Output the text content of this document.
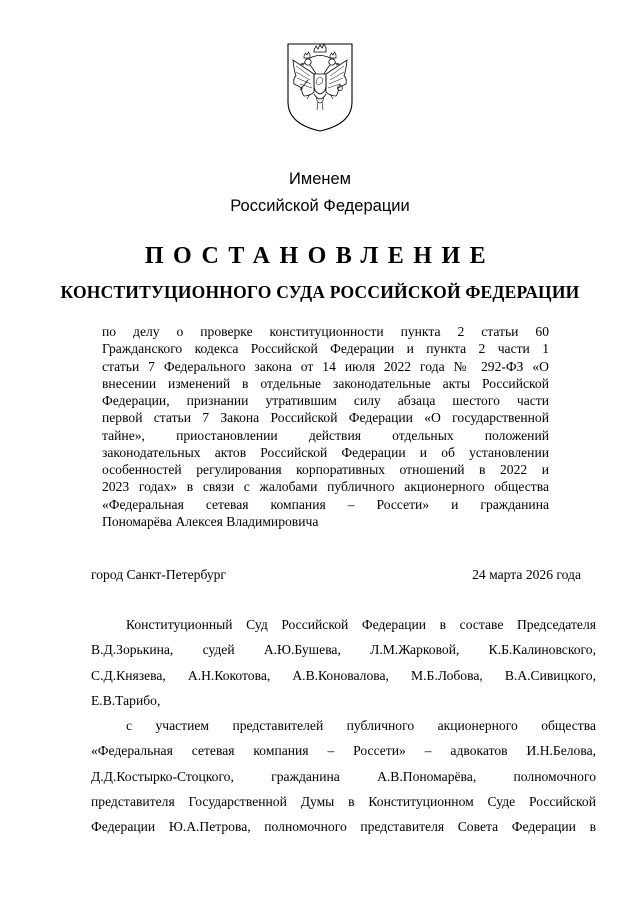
Именем
Российской Федерации
ПОСТАНОВЛЕНИЕ
КОНСТИТУЦИОННОГО СУДА РОССИЙСКОЙ ФЕДЕРАЦИИ
по делу о проверке конституционности пункта 2 статьи 60
Гражданского кодекса Российской Федерации и пункта 2 части 1
статьи 7 Федерального закона от 14 июля 2022 года № 292-ФЗ «О
внесении изменений в отдельные законодательные акты Российской
Федерации, признании утратившим силу абзаца шестого части
первой статьи 7 Закона Российской Федерации «О государственной
тайне», приостановлении действия отдельных положений
законодательных актов Российской Федерации и об установлении
особенностей регулирования корпоративных отношений в 2022 и
2023 годах» в связи с жалобами публичного акционерного общества
«Федеральная сетевая компания – Россети» и гражданина
Пономарёва Алексея Владимировича
город Санкт-Петербург	24 марта 2026 года
Конституционный Суд Российской Федерации в составе Председателя
В.Д.Зорькина, судей А.Ю.Бушева, Л.М.Жарковой, К.Б.Калиновского,
С.Д.Князева, А.Н.Кокотова, А.В.Коновалова, М.Б.Лобова, В.А.Сивицкого,
Е.В.Тарибо,
с участием представителей публичного акционерного общества
«Федеральная сетевая компания – Россети» – адвокатов И.Н.Белова,
Д.Д.Костырко-Стоцкого, гражданина А.В.Пономарёва, полномочного
представителя Государственной Думы в Конституционном Суде Российской
Федерации Ю.А.Петрова, полномочного представителя Совета Федерации в
